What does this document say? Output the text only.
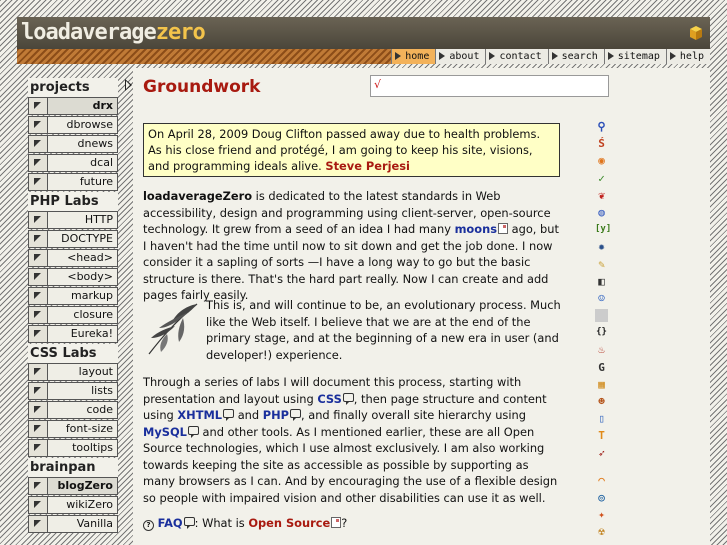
loadaveragezero
home	about	contact	search	sitemap	help
projects
drx
dbrowse
dnews
dcal
future
PHP Labs
HTTP
DOCTYPE
<head>
<body>
markup
closure
Eureka!
CSS Labs
layout
lists
code
font-size
tooltips
brainpan
blogZero
wikiZero
Vanilla
Groundwork	√
On April 28, 2009 Doug Clifton passed away due to health problems. As his close friend and protégé, I am going to keep his site, visions, and programming ideals alive. Steve Perjesi

loadaverageZero is dedicated to the latest standards in Web accessibility, design and programming using client-server, open-source technology. It grew from a seed of an idea I had many moons ago, but I haven't had the time until now to sit down and get the job done. I now consider it a sapling of sorts —I have a long way to go but the basic structure is there. That's the hard part really. Now I can create and add pages fairly easily.

This is, and will continue to be, an evolutionary process. Much like the Web itself. I believe that we are at the end of the primary stage, and at the beginning of a new era in user (and developer!) experience.

Through a series of labs I will document this process, starting with presentation and layout using CSS , then page structure and content using XHTML and PHP , and finally overall site hierarchy using MySQL and other tools. As I mentioned earlier, these are all Open Source technologies, which I use almost exclusively. I am also working towards keeping the site as accessible as possible by supporting as many browsers as I can. And by encouraging the use of a flexible design so people with impaired vision and other disabilities can use it as well.

? FAQ : What is Open Source ?

⚲
Ś
◉
✓
❦
◍
[y]
✹
✎
◧
☺
{}
♨
G
▦
☻
▯
T
➶
◠
◎
✦
☢
